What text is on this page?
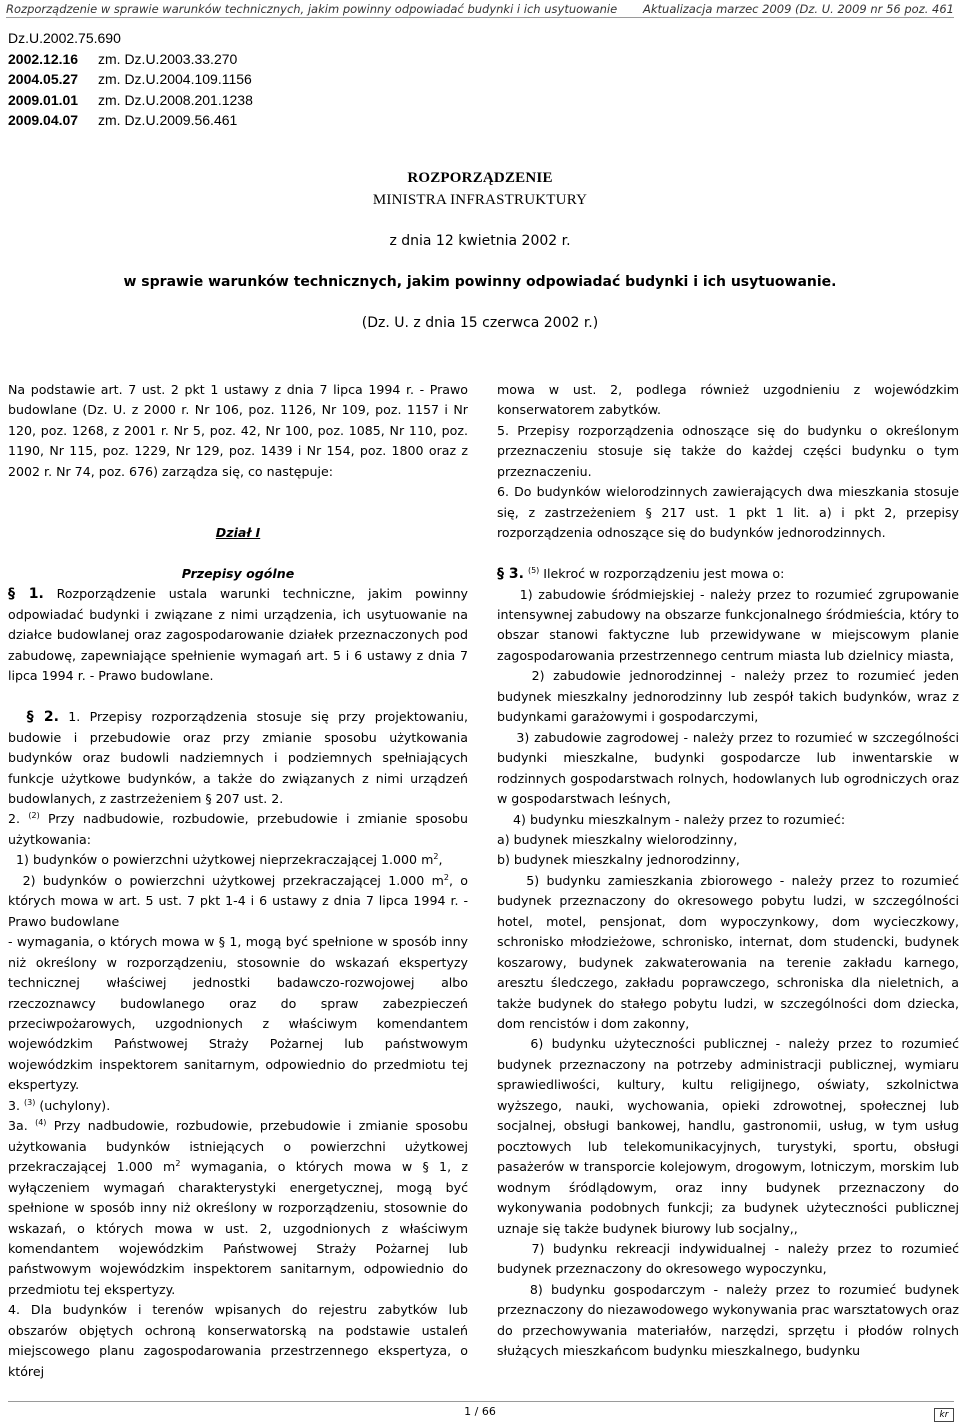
Rozporządzenie w sprawie warunków technicznych, jakim powinny odpowiadać budynki i ich usytuowanie Aktualizacja marzec 2009 (Dz. U. 2009 nr 56 poz. 461
Dz.U.2002.75.690
2002.12.16 zm. Dz.U.2003.33.270
2004.05.27 zm. Dz.U.2004.109.1156
2009.01.01 zm. Dz.U.2008.201.1238
2009.04.07 zm. Dz.U.2009.56.461
ROZPORZĄDZENIE
MINISTRA INFRASTRUKTURY
z dnia 12 kwietnia 2002 r.
w sprawie warunków technicznych, jakim powinny odpowiadać budynki i ich usytuowanie.
(Dz. U. z dnia 15 czerwca 2002 r.)

Na podstawie art. 7 ust. 2 pkt 1 ustawy z dnia 7 lipca 1994 r. - Prawo budowlane (Dz. U. z 2000 r. Nr 106, poz. 1126, Nr 109, poz. 1157 i Nr 120, poz. 1268, z 2001 r. Nr 5, poz. 42, Nr 100, poz. 1085, Nr 110, poz. 1190, Nr 115, poz. 1229, Nr 129, poz. 1439 i Nr 154, poz. 1800 oraz z 2002 r. Nr 74, poz. 676) zarządza się, co następuje:

Dział I

Przepisy ogólne

§ 1. Rozporządzenie ustala warunki techniczne, jakim powinny odpowiadać budynki i związane z nimi urządzenia, ich usytuowanie na działce budowlanej oraz zagospodarowanie działek przeznaczonych pod zabudowę, zapewniające spełnienie wymagań art. 5 i 6 ustawy z dnia 7 lipca 1994 r. - Prawo budowlane.

§ 2. 1. Przepisy rozporządzenia stosuje się przy projektowaniu, budowie i przebudowie oraz przy zmianie sposobu użytkowania budynków oraz budowli nadziemnych i podziemnych spełniających funkcje użytkowe budynków, a także do związanych z nimi urządzeń budowlanych, z zastrzeżeniem § 207 ust. 2.

2. $^{(2)}$ Przy nadbudowie, rozbudowie, przebudowie i zmianie sposobu użytkowania:

1) budynków o powierzchni użytkowej nieprzekraczającej 1.000 $m^2$,

2) budynków o powierzchni użytkowej przekraczającej 1.000 $m^2$, o których mowa w art. 5 ust. 7 pkt 1-4 i 6 ustawy z dnia 7 lipca 1994 r. - Prawo budowlane

- wymagania, o których mowa w § 1, mogą być spełnione w sposób inny niż określony w rozporządzeniu, stosownie do wskazań ekspertyzy technicznej właściwej jednostki badawczo-rozwojowej albo rzeczoznawcy budowlanego oraz do spraw zabezpieczeń przeciwpożarowych, uzgodnionych z właściwym komendantem wojewódzkim Państwowej Straży Pożarnej lub państwowym wojewódzkim inspektorem sanitarnym, odpowiednio do przedmiotu tej ekspertyzy.

3. $^{(3)}$ (uchylony).

3a. $^{(4)}$ Przy nadbudowie, rozbudowie, przebudowie i zmianie sposobu użytkowania budynków istniejących o powierzchni użytkowej przekraczającej 1.000 $m^2$ wymagania, o których mowa w § 1, z wyłączeniem wymagań charakterystyki energetycznej, mogą być spełnione w sposób inny niż określony w rozporządzeniu, stosownie do wskazań, o których mowa w ust. 2, uzgodnionych z właściwym komendantem wojewódzkim Państwowej Straży Pożarnej lub państwowym wojewódzkim inspektorem sanitarnym, odpowiednio do przedmiotu tej ekspertyzy.

4. Dla budynków i terenów wpisanych do rejestru zabytków lub obszarów objętych ochroną konserwatorską na podstawie ustaleń miejscowego planu zagospodarowania przestrzennego ekspertyza, o której

mowa w ust. 2, podlega również uzgodnieniu z wojewódzkim konserwatorem zabytków.

5. Przepisy rozporządzenia odnoszące się do budynku o określonym przeznaczeniu stosuje się także do każdej części budynku o tym przeznaczeniu.

6. Do budynków wielorodzinnych zawierających dwa mieszkania stosuje się, z zastrzeżeniem § 217 ust. 1 pkt 1 lit. a) i pkt 2, przepisy rozporządzenia odnoszące się do budynków jednorodzinnych.

§ 3. $^{(5)}$ Ilekroć w rozporządzeniu jest mowa o:

1) zabudowie śródmiejskiej - należy przez to rozumieć zgrupowanie intensywnej zabudowy na obszarze funkcjonalnego śródmieścia, który to obszar stanowi faktyczne lub przewidywane w miejscowym planie zagospodarowania przestrzennego centrum miasta lub dzielnicy miasta,

2) zabudowie jednorodzinnej - należy przez to rozumieć jeden budynek mieszkalny jednorodzinny lub zespół takich budynków, wraz z budynkami garażowymi i gospodarczymi,

3) zabudowie zagrodowej - należy przez to rozumieć w szczególności budynki mieszkalne, budynki gospodarcze lub inwentarskie w rodzinnych gospodarstwach rolnych, hodowlanych lub ogrodniczych oraz w gospodarstwach leśnych,

4) budynku mieszkalnym - należy przez to rozumieć:

a) budynek mieszkalny wielorodzinny,

b) budynek mieszkalny jednorodzinny,

5) budynku zamieszkania zbiorowego - należy przez to rozumieć budynek przeznaczony do okresowego pobytu ludzi, w szczególności hotel, motel, pensjonat, dom wypoczynkowy, dom wycieczkowy, schronisko młodzieżowe, schronisko, internat, dom studencki, budynek koszarowy, budynek zakwaterowania na terenie zakładu karnego, aresztu śledczego, zakładu poprawczego, schroniska dla nieletnich, a także budynek do stałego pobytu ludzi, w szczególności dom dziecka, dom rencistów i dom zakonny,

6) budynku użyteczności publicznej - należy przez to rozumieć budynek przeznaczony na potrzeby administracji publicznej, wymiaru sprawiedliwości, kultury, kultu religijnego, oświaty, szkolnictwa wyższego, nauki, wychowania, opieki zdrowotnej, społecznej lub socjalnej, obsługi bankowej, handlu, gastronomii, usług, w tym usług pocztowych lub telekomunikacyjnych, turystyki, sportu, obsługi pasażerów w transporcie kolejowym, drogowym, lotniczym, morskim lub wodnym śródlądowym, oraz inny budynek przeznaczony do wykonywania podobnych funkcji; za budynek użyteczności publicznej uznaje się także budynek biurowy lub socjalny,,

7) budynku rekreacji indywidualnej - należy przez to rozumieć budynek przeznaczony do okresowego wypoczynku,

8) budynku gospodarczym - należy przez to rozumieć budynek przeznaczony do niezawodowego wykonywania prac warsztatowych oraz do przechowywania materiałów, narzędzi, sprzętu i płodów rolnych służących mieszkańcom budynku mieszkalnego, budynku

1 / 66	kr
